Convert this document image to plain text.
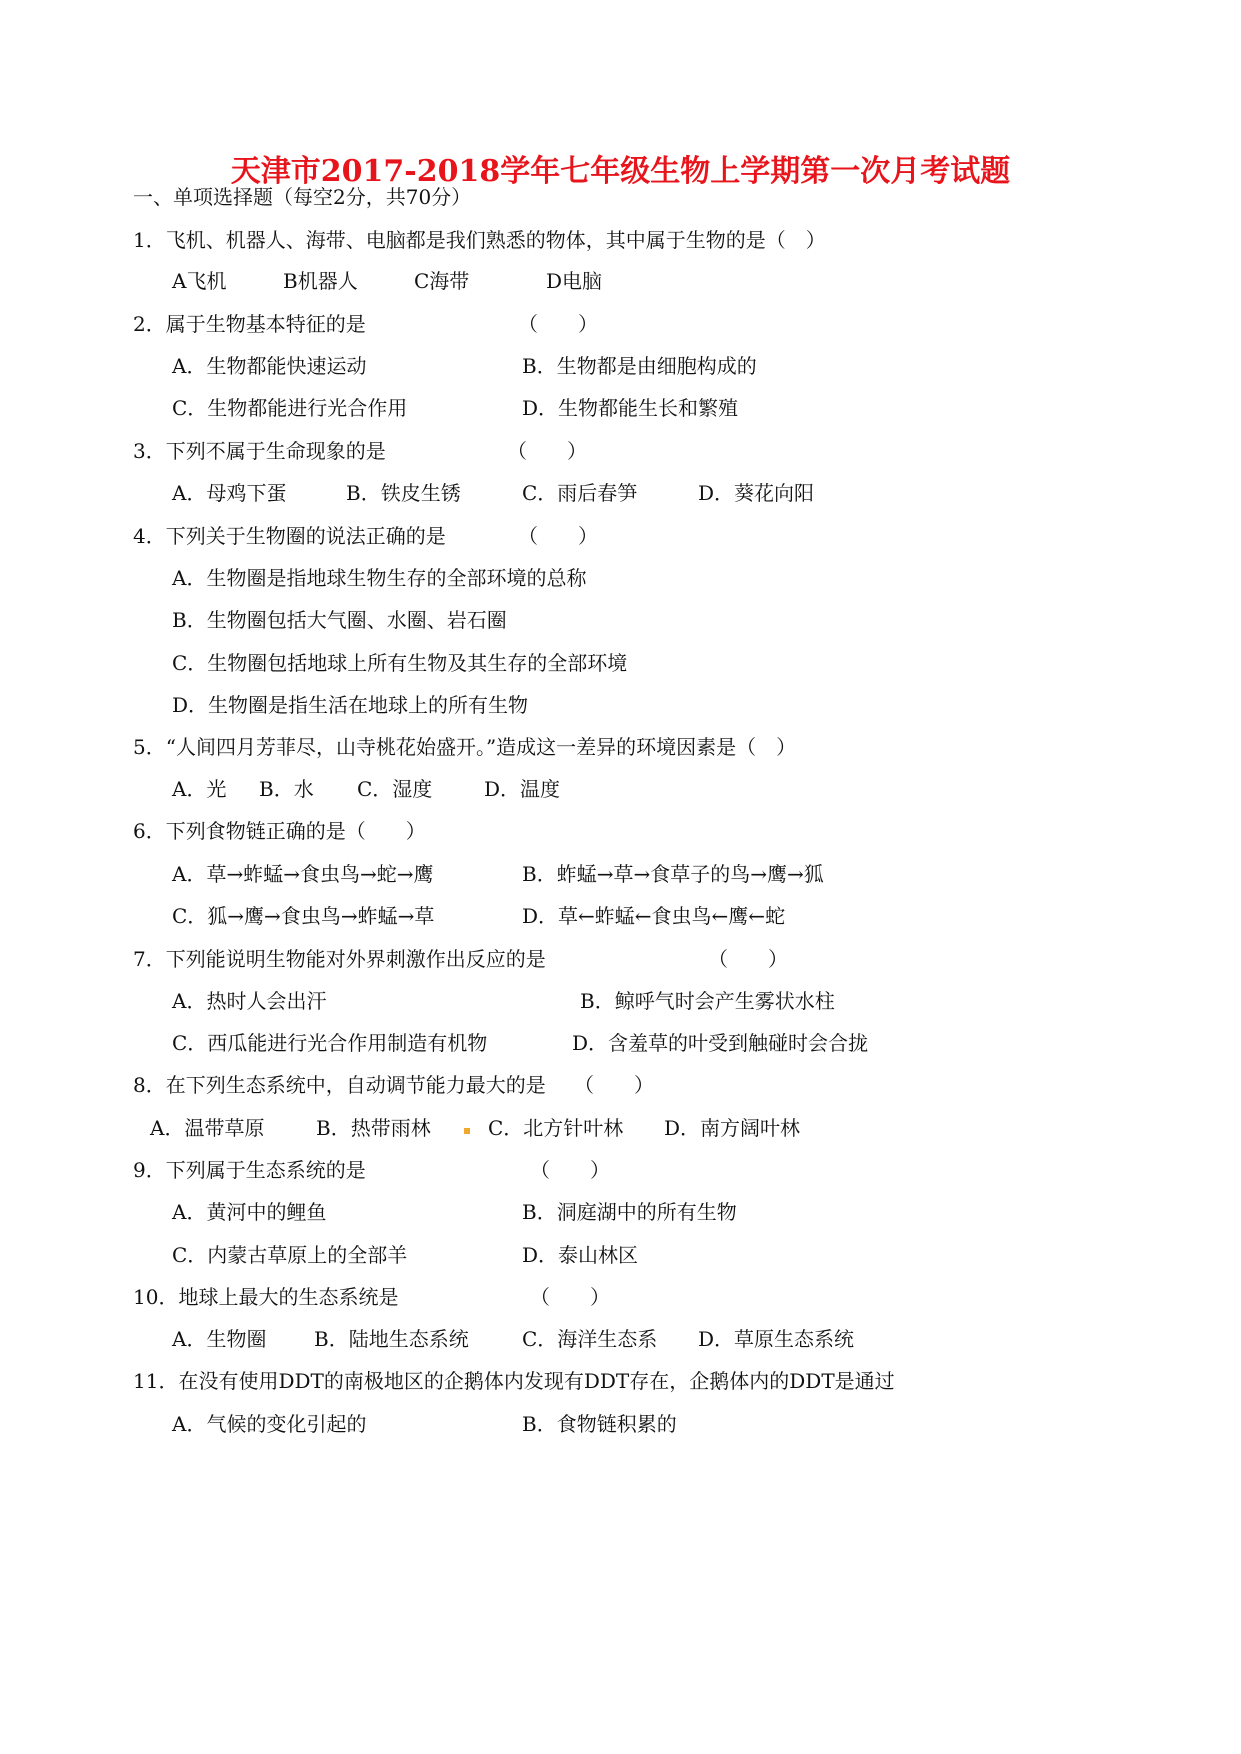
天津市2017-2018学年七年级生物上学期第一次月考试题
一、单项选择题（每空2分，共70分）
1．飞机、机器人、海带、电脑都是我们熟悉的物体，其中属于生物的是（　）
A飞机	B机器人	C海带	D电脑
2．属于生物基本特征的是	（　　）
A．生物都能快速运动	B．生物都是由细胞构成的
C．生物都能进行光合作用	D．生物都能生长和繁殖
3．下列不属于生命现象的是	（　　）
A．母鸡下蛋	B．铁皮生锈	C．雨后春笋	D．葵花向阳
4．下列关于生物圈的说法正确的是	（　　）
A．生物圈是指地球生物生存的全部环境的总称
B．生物圈包括大气圈、水圈、岩石圈
C．生物圈包括地球上所有生物及其生存的全部环境
D．生物圈是指生活在地球上的所有生物
5．“人间四月芳菲尽，山寺桃花始盛开。”造成这一差异的环境因素是（　）
A．光 B．水 C．湿度	D．温度
6．下列食物链正确的是（　　）
A．草→蚱蜢→食虫鸟→蛇→鹰	B．蚱蜢→草→食草子的鸟→鹰→狐
C．狐→鹰→食虫鸟→蚱蜢→草	D．草←蚱蜢←食虫鸟←鹰←蛇
7．下列能说明生物能对外界刺激作出反应的是	（　　）
A．热时人会出汗	B．鲸呼气时会产生雾状水柱
C．西瓜能进行光合作用制造有机物	D．含羞草的叶受到触碰时会合拢
8．在下列生态系统中，自动调节能力最大的是 （　　）
A．温带草原	B．热带雨林	C．北方针叶林 D．南方阔叶林
9．下列属于生态系统的是	（　　）
A．黄河中的鲤鱼	B．洞庭湖中的所有生物
C．内蒙古草原上的全部羊	D．泰山林区
10．地球上最大的生态系统是	（　　）
A．生物圈 B．陆地生态系统	C．海洋生态系 D．草原生态系统
11．在没有使用DDT的南极地区的企鹅体内发现有DDT存在，企鹅体内的DDT是通过
A．气候的变化引起的	B．食物链积累的
